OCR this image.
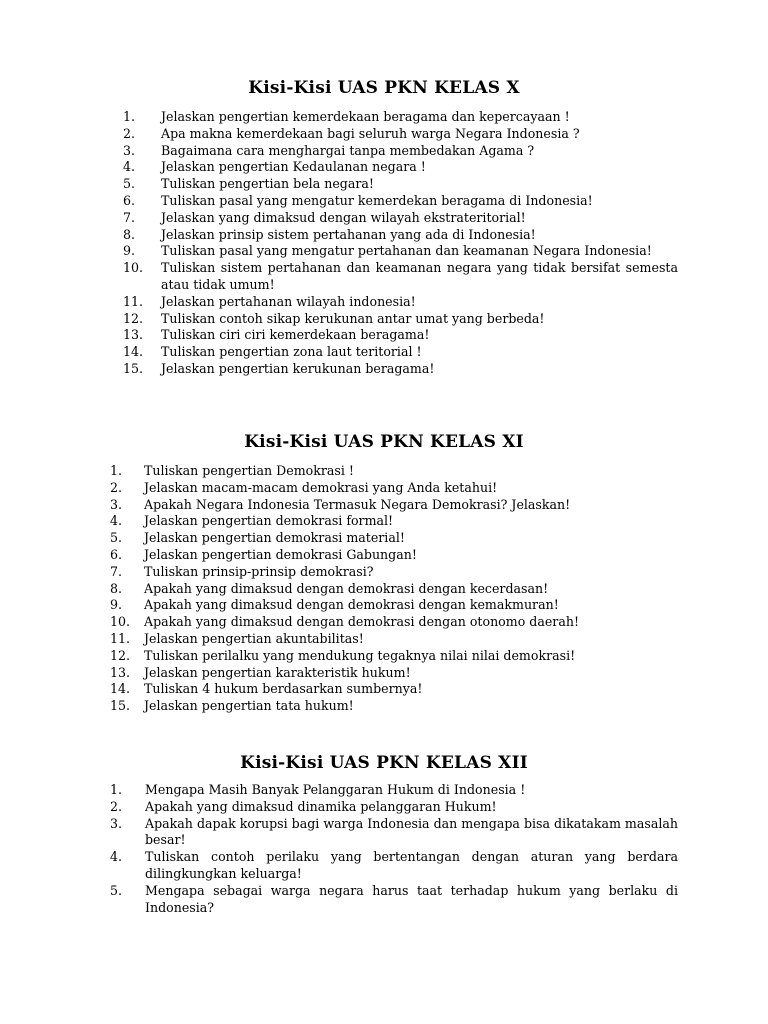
Kisi-Kisi UAS PKN KELAS X
1.	Jelaskan pengertian kemerdekaan beragama dan kepercayaan !
2.	Apa makna kemerdekaan bagi seluruh warga Negara Indonesia ?
3.	Bagaimana cara menghargai tanpa membedakan Agama ?
4.	Jelaskan pengertian Kedaulanan negara !
5.	Tuliskan pengertian bela negara!
6.	Tuliskan pasal yang mengatur kemerdekan beragama di Indonesia!
7.	Jelaskan yang dimaksud dengan wilayah ekstrateritorial!
8.	Jelaskan prinsip sistem pertahanan yang ada di Indonesia!
9.	Tuliskan pasal yang mengatur pertahanan dan keamanan Negara Indonesia!
10.	Tuliskan sistem pertahanan dan keamanan negara yang tidak bersifat semesta atau tidak umum!
11.	Jelaskan pertahanan wilayah indonesia!
12.	Tuliskan contoh sikap kerukunan antar umat yang berbeda!
13.	Tuliskan ciri ciri kemerdekaan beragama!
14.	Tuliskan pengertian zona laut teritorial !
15.	Jelaskan pengertian kerukunan beragama!
Kisi-Kisi UAS PKN KELAS XI
1.	Tuliskan pengertian Demokrasi !
2.	Jelaskan macam-macam demokrasi yang Anda ketahui!
3.	Apakah Negara Indonesia Termasuk Negara Demokrasi? Jelaskan!
4.	Jelaskan pengertian demokrasi formal!
5.	Jelaskan pengertian demokrasi material!
6.	Jelaskan pengertian demokrasi Gabungan!
7.	Tuliskan prinsip-prinsip demokrasi?
8.	Apakah yang dimaksud dengan demokrasi dengan kecerdasan!
9.	Apakah yang dimaksud dengan demokrasi dengan kemakmuran!
10.	Apakah yang dimaksud dengan demokrasi dengan otonomo daerah!
11.	Jelaskan pengertian akuntabilitas!
12.	Tuliskan perilalku yang mendukung tegaknya nilai nilai demokrasi!
13.	Jelaskan pengertian karakteristik hukum!
14.	Tuliskan 4 hukum berdasarkan sumbernya!
15.	Jelaskan pengertian tata hukum!
Kisi-Kisi UAS PKN KELAS XII
1.	Mengapa Masih Banyak Pelanggaran Hukum di Indonesia !
2.	Apakah yang dimaksud dinamika pelanggaran Hukum!
3.	Apakah dapak korupsi bagi warga Indonesia dan mengapa bisa dikatakam masalah besar!
4.	Tuliskan contoh perilaku yang bertentangan dengan aturan yang berdara dilingkungkan keluarga!
5.	Mengapa sebagai warga negara harus taat terhadap hukum yang berlaku di Indonesia?
